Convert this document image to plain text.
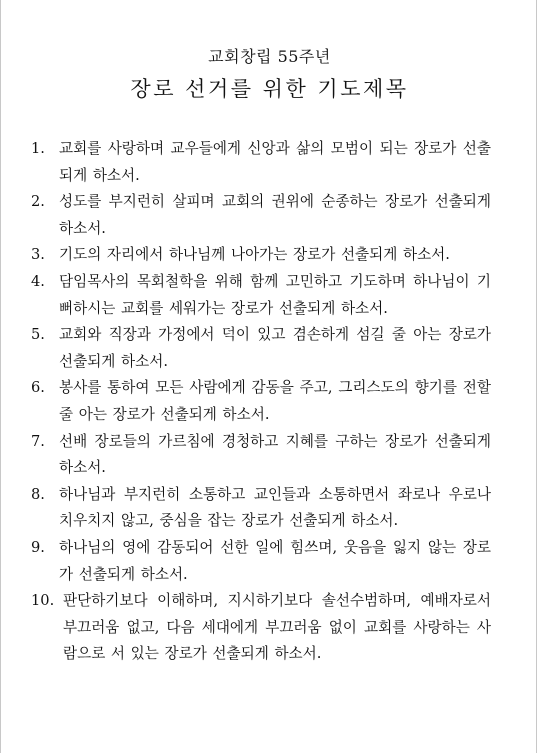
교회창립 55주년
장로 선거를 위한 기도제목
1. 교회를 사랑하며 교우들에게 신앙과 삶의 모범이 되는 장로가 선출되게 하소서.
2. 성도를 부지런히 살피며 교회의 권위에 순종하는 장로가 선출되게 하소서.
3. 기도의 자리에서 하나님께 나아가는 장로가 선출되게 하소서.
4. 담임목사의 목회철학을 위해 함께 고민하고 기도하며 하나님이 기뻐하시는 교회를 세워가는 장로가 선출되게 하소서.
5. 교회와 직장과 가정에서 덕이 있고 겸손하게 섬길 줄 아는 장로가 선출되게 하소서.
6. 봉사를 통하여 모든 사람에게 감동을 주고, 그리스도의 향기를 전할 줄 아는 장로가 선출되게 하소서.
7. 선배 장로들의 가르침에 경청하고 지혜를 구하는 장로가 선출되게 하소서.
8. 하나님과 부지런히 소통하고 교인들과 소통하면서 좌로나 우로나 치우치지 않고, 중심을 잡는 장로가 선출되게 하소서.
9. 하나님의 영에 감동되어 선한 일에 힘쓰며, 웃음을 잃지 않는 장로가 선출되게 하소서.
10. 판단하기보다 이해하며, 지시하기보다 솔선수범하며, 예배자로서 부끄러움 없고, 다음 세대에게 부끄러움 없이 교회를 사랑하는 사람으로 서 있는 장로가 선출되게 하소서.
